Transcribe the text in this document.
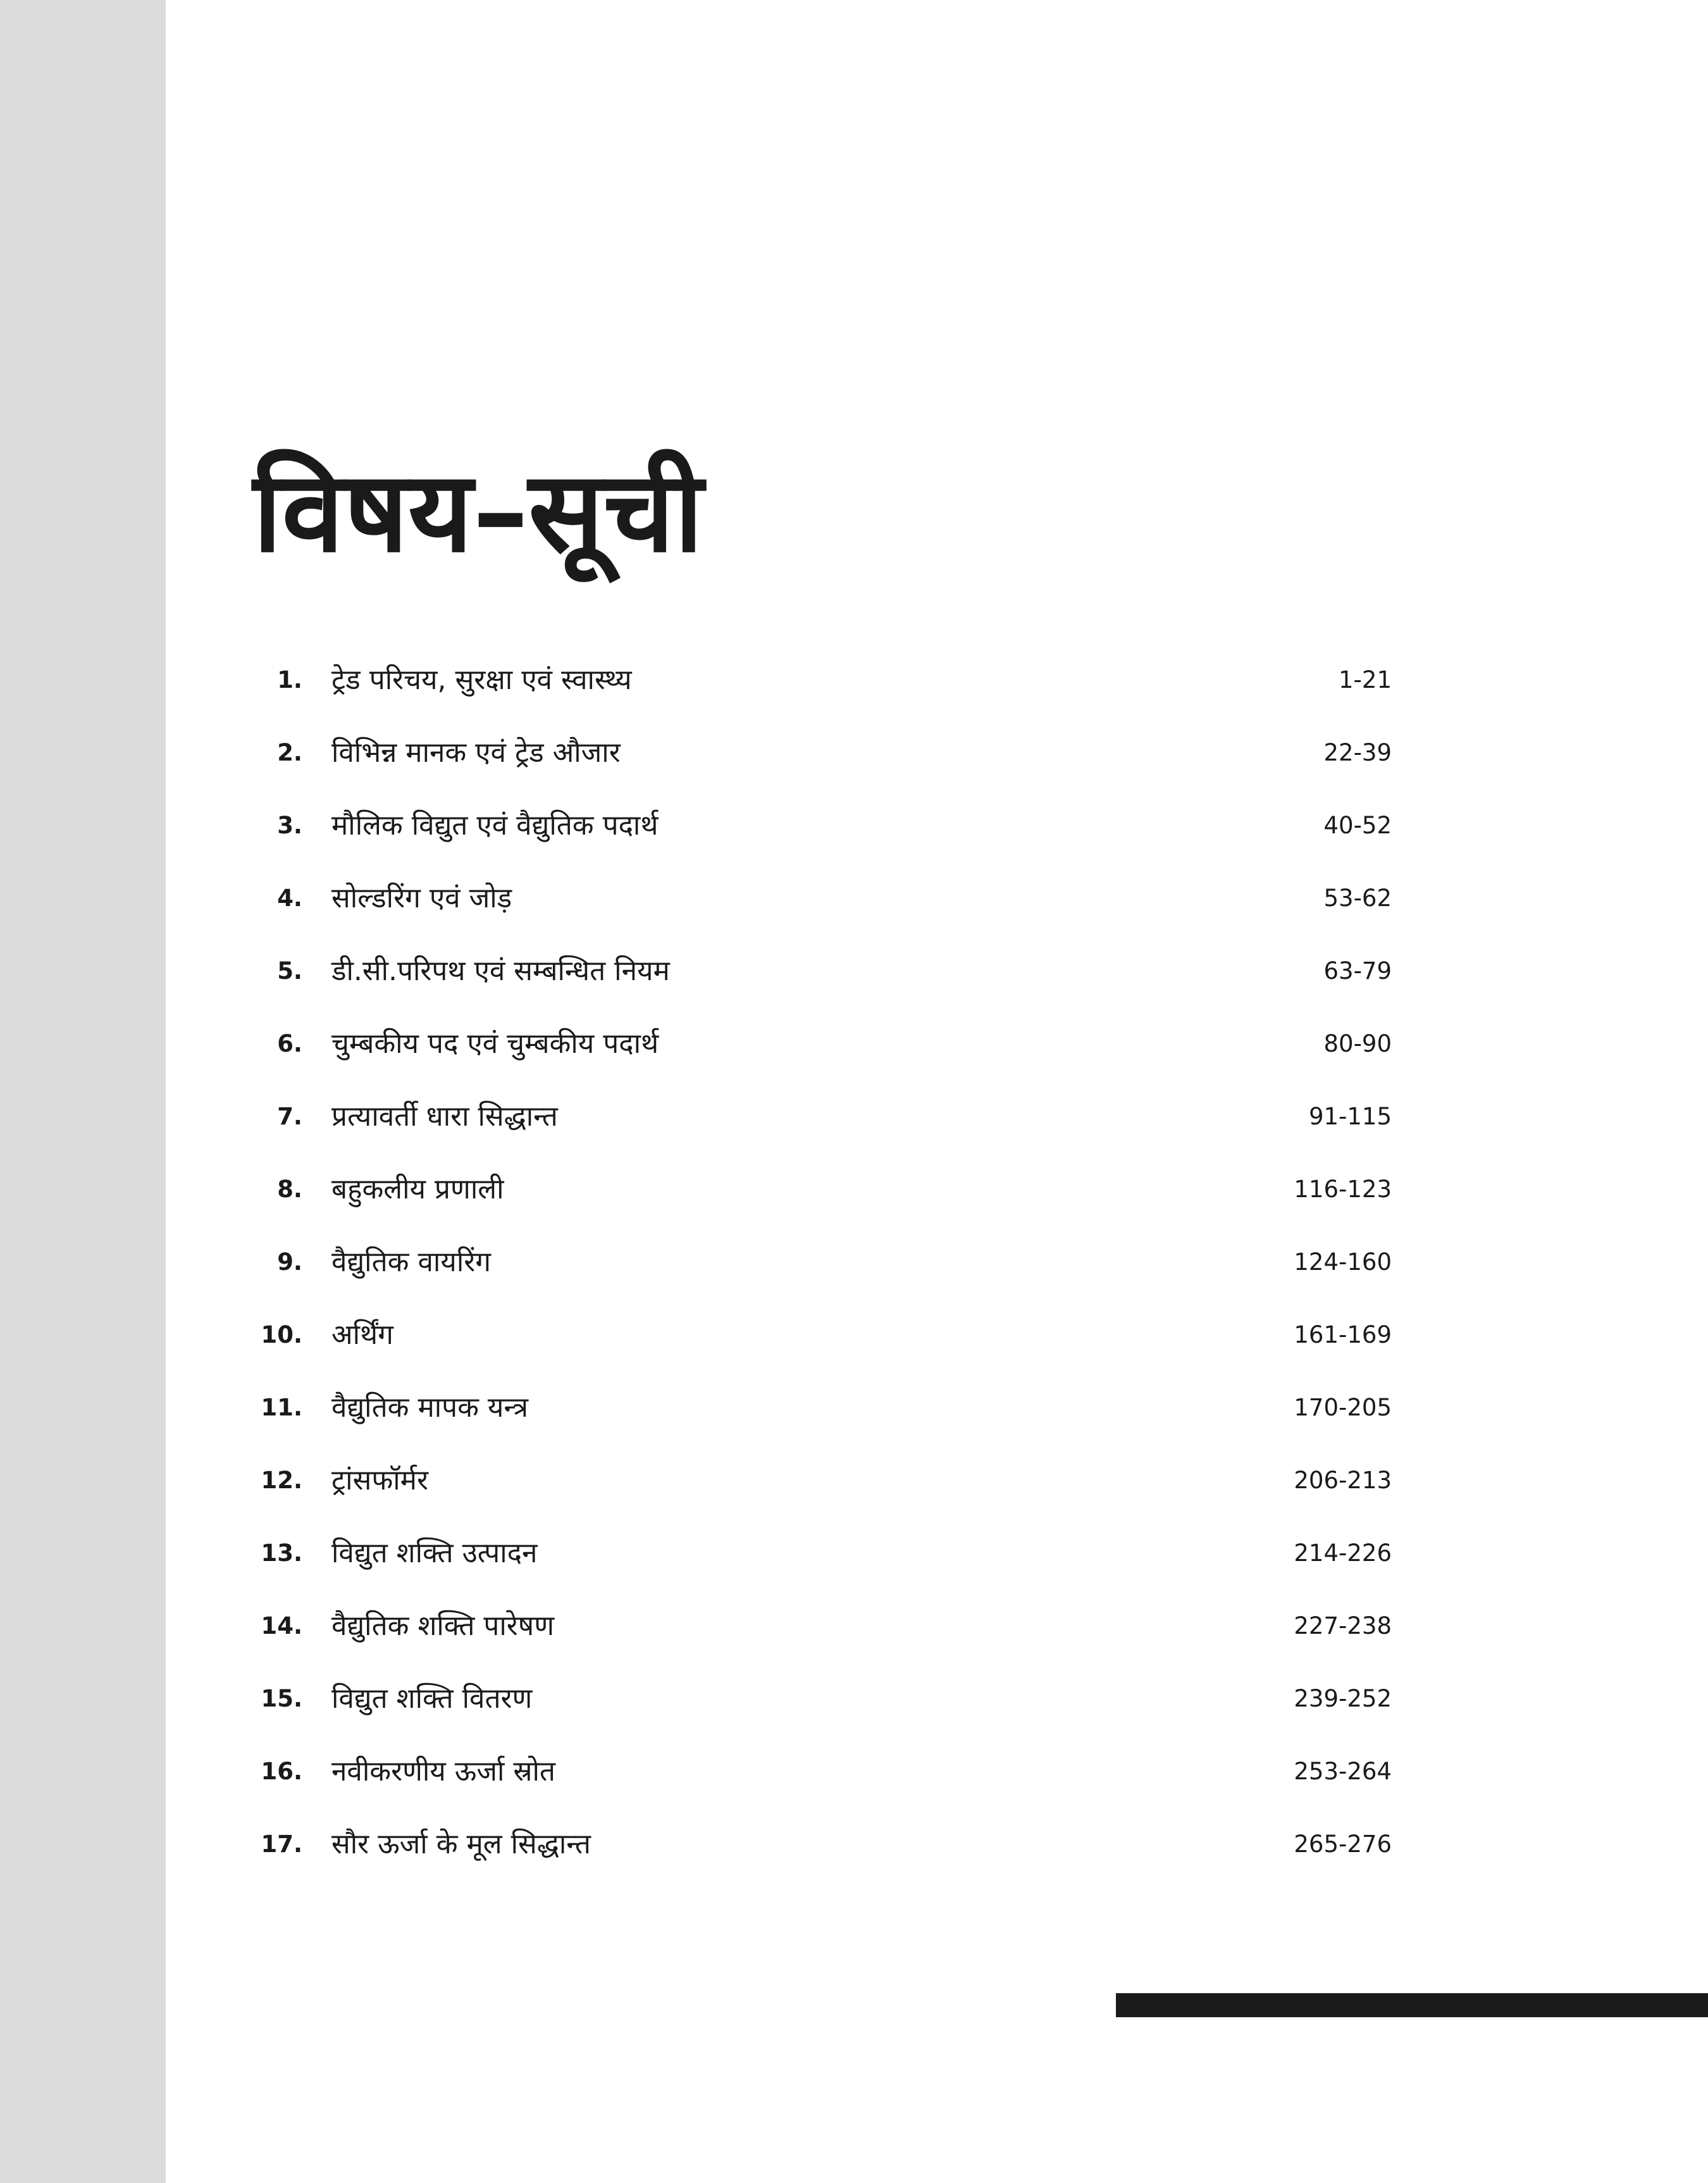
विषय–सूची
1. ट्रेड परिचय, सुरक्षा एवं स्वास्थ्य	1-21
2. विभिन्न मानक एवं ट्रेड औजार	22-39
3. मौलिक विद्युत एवं वैद्युतिक पदार्थ	40-52
4. सोल्डरिंग एवं जोड़	53-62
5. डी.सी.परिपथ एवं सम्बन्धित नियम	63-79
6. चुम्बकीय पद एवं चुम्बकीय पदार्थ	80-90
7. प्रत्यावर्ती धारा सिद्धान्त	91-115
8. बहुकलीय प्रणाली	116-123
9. वैद्युतिक वायरिंग	124-160
10. अर्थिंग	161-169
11. वैद्युतिक मापक यन्त्र	170-205
12. ट्रांसफॉर्मर	206-213
13. विद्युत शक्ति उत्पादन	214-226
14. वैद्युतिक शक्ति पारेषण	227-238
15. विद्युत शक्ति वितरण	239-252
16. नवीकरणीय ऊर्जा स्रोत	253-264
17. सौर ऊर्जा के मूल सिद्धान्त	265-276
